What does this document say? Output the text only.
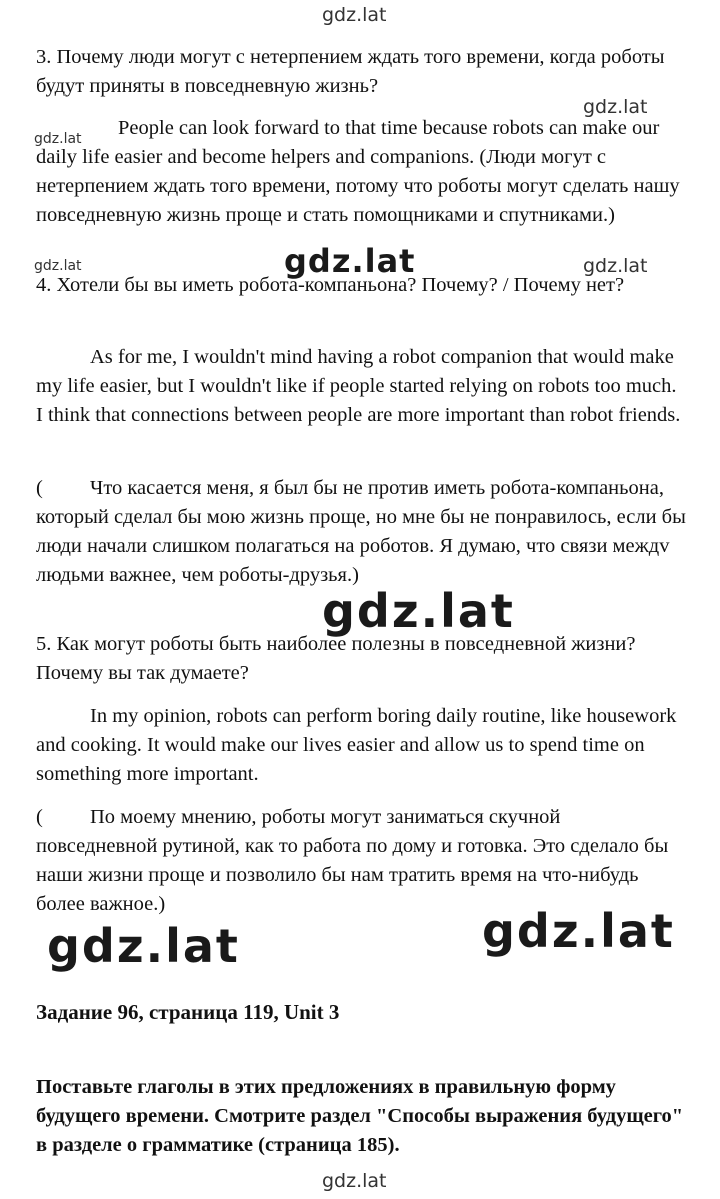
gdz.lat
gdz.lat
gdz.lat
gdz.lat	gdz.lat	gdz.lat
gdz.lat
gdz.lat	gdz.lat
gdz.lat

3. Почему люди могут с нетерпением ждать того времени, когда роботы будут приняты в повседневную жизнь?

People can look forward to that time because robots can make our daily life easier and become helpers and companions. (Люди могут с нетерпением ждать того времени, потому что роботы могут сделать нашу повседневную жизнь проще и стать помощниками и спутниками.)

4. Хотели бы вы иметь робота-компаньона? Почему? / Почему нет?

As for me, I wouldn't mind having a robot companion that would make my life easier, but I wouldn't like if people started relying on robots too much. I think that connections between people are more important than robot friends.

(	Что касается меня, я был бы не против иметь робота-компаньона, который сделал бы мою жизнь проще, но мне бы не понравилось, если бы люди начали слишком полагаться на роботов. Я думаю, что связи междv людьми важнее, чем роботы-друзья.)

5. Как могут роботы быть наиболее полезны в повседневной жизни? Почему вы так думаете?

In my opinion, robots can perform boring daily routine, like housework and cooking. It would make our lives easier and allow us to spend time on something more important.

(	По моему мнению, роботы могут заниматься скучной повседневной рутиной, как то работа по дому и готовка. Это сделало бы наши жизни проще и позволило бы нам тратить время на что-нибудь более важное.)

Задание 96, страница 119, Unit 3

Поставьте глаголы в этих предложениях в правильную форму будущего времени. Смотрите раздел "Способы выражения будущего" в разделе о грамматике (страница 185).
